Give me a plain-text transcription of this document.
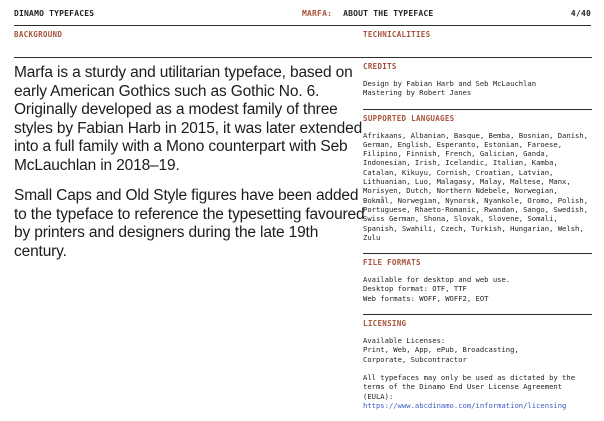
DINAMO TYPEFACES	MARFA: ABOUT THE TYPEFACE	4/40
BACKGROUND	TECHNICALITIES

Marfa is a sturdy and utilitarian typeface, based on early American Gothics such as Gothic No. 6. Originally developed as a modest family of three styles by Fabian Harb in 2015, it was later extended into a full family with a Mono counterpart with Seb McLauchlan in 2018–19.

Small Caps and Old Style figures have been added to the typeface to reference the typesetting favoured by printers and designers during the late 19th century.

CREDITS
Design by Fabian Harb and Seb McLauchlan
Mastering by Robert Janes
SUPPORTED LANGUAGES
Afrikaans, Albanian, Basque, Bemba, Bosnian, Danish, German, English, Esperanto, Estonian, Faroese, Filipino, Finnish, French, Galician, Ganda, Indonesian, Irish, Icelandic, Italian, Kamba, Catalan, Kikuyu, Cornish, Croatian, Latvian, Lithuanian, Luo, Malagasy, Malay, Maltese, Manx, Morisyen, Dutch, Northern Ndebele, Norwegian, Bokmål, Norwegian, Nynorsk, Nyankole, Oromo, Polish, Portuguese, Rhaeto-Romanic, Rwandan, Sango, Swedish, Swiss German, Shona, Slovak, Slovene, Somali, Spanish, Swahili, Czech, Turkish, Hungarian, Welsh, Zulu
FILE FORMATS
Available for desktop and web use.
Desktop format: OTF, TTF
Web formats: WOFF, WOFF2, EOT
LICENSING
Available Licenses:
Print, Web, App, ePub, Broadcasting,
Corporate, Subcontractor
All typefaces may only be used as dictated by the terms of the Dinamo End User License Agreement (EULA):
https://www.abcdinamo.com/information/licensing
